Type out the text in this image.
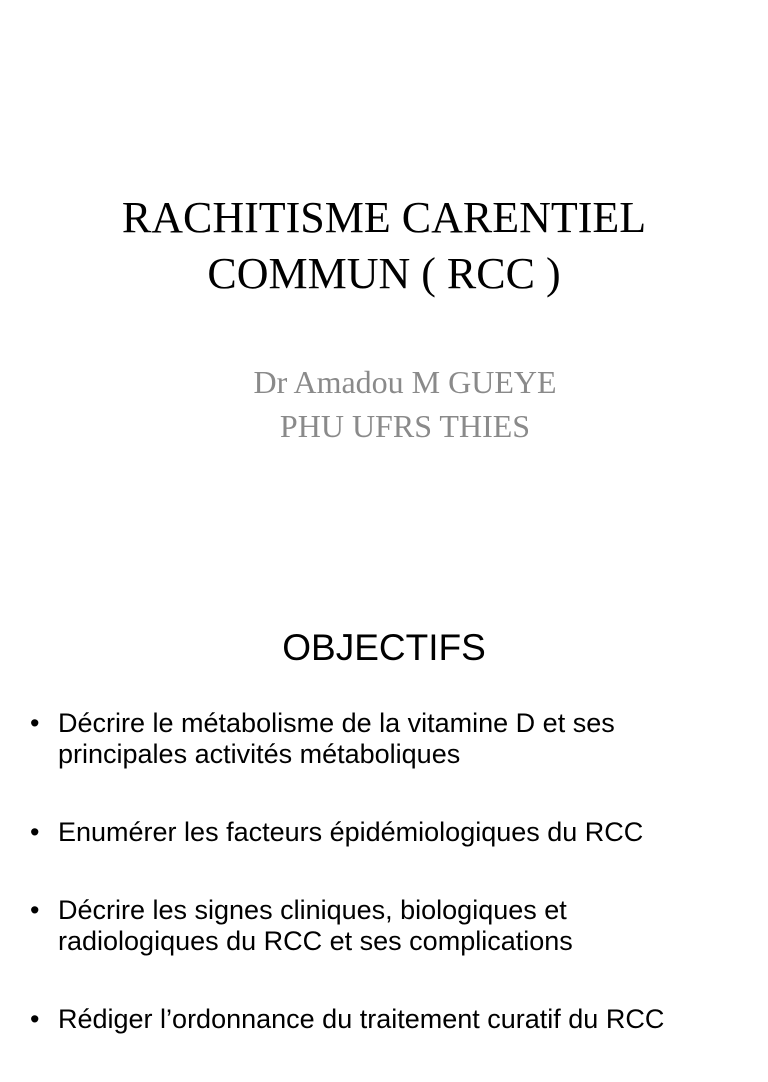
RACHITISME CARENTIEL
COMMUN ( RCC )
Dr Amadou M GUEYE
PHU UFRS THIES
OBJECTIFS
• Décrire le métabolisme de la vitamine D et ses
principales activités métaboliques
• Enumérer les facteurs épidémiologiques du RCC
• Décrire les signes cliniques, biologiques et
radiologiques du RCC et ses complications
• Rédiger l’ordonnance du traitement curatif du RCC
